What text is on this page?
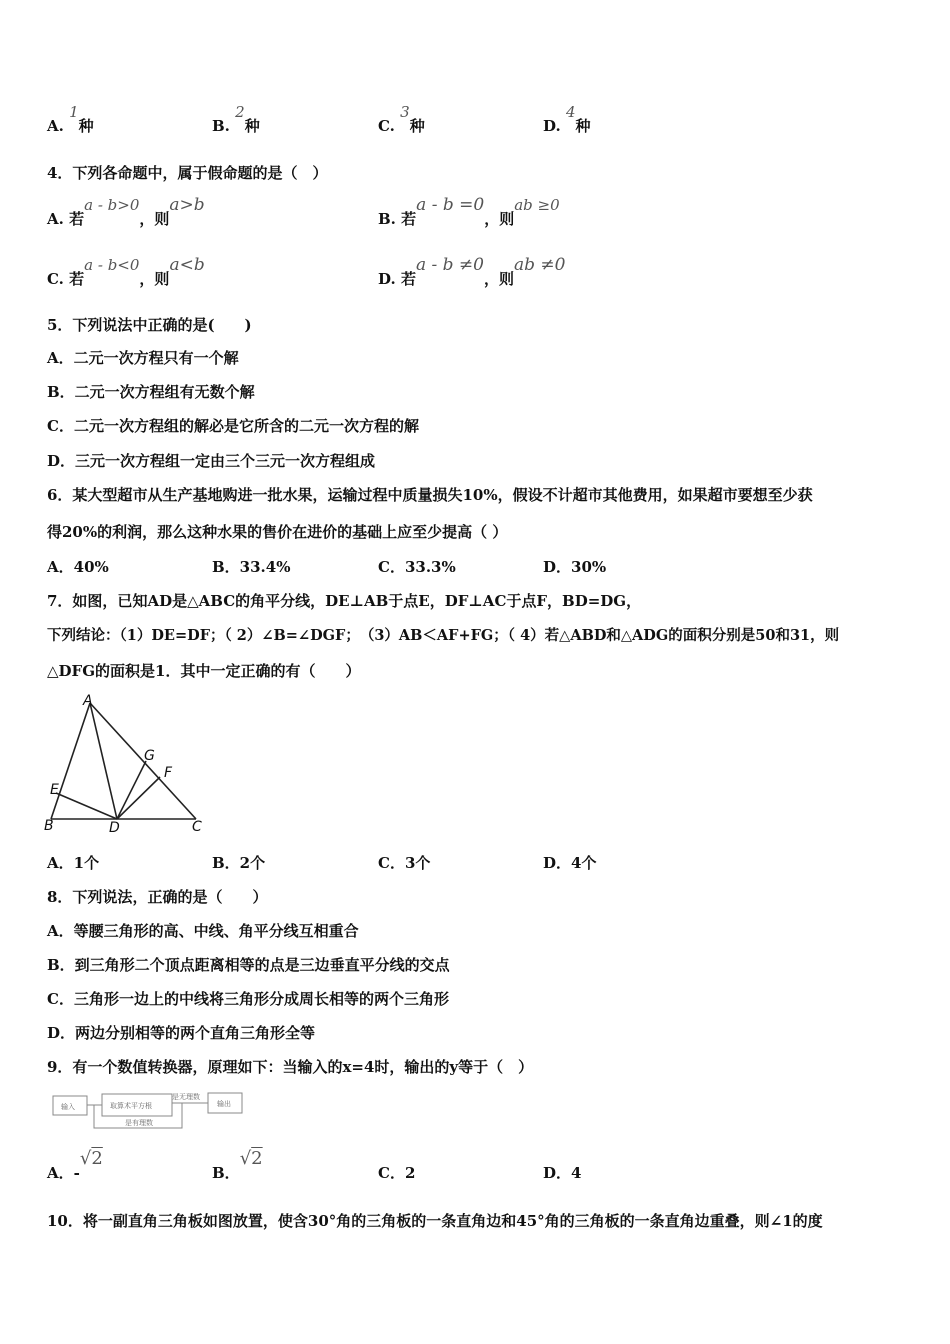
A. 1种	B. 2种	C. 3种	D. 4种
4．下列各命题中，属于假命题的是（　）
A. 若a - b>0，则a>b
B. 若a - b =0，则ab ≥0
C. 若a - b<0，则a<b
D. 若a - b ≠0，则ab ≠0
5．下列说法中正确的是(　　)
A．二元一次方程只有一个解
B．二元一次方程组有无数个解
C．二元一次方程组的解必是它所含的二元一次方程的解
D．三元一次方程组一定由三个三元一次方程组成
6．某大型超市从生产基地购进一批水果，运输过程中质量损失10%，假设不计超市其他费用，如果超市要想至少获
得20%的利润，那么这种水果的售价在进价的基础上应至少提高（ ）
A．40%	B．33.4%	C．33.3%	D．30%
7．如图，已知AD是△ABC的角平分线，DE⊥AB于点E，DF⊥AC于点F，BD=DG，
下列结论：（1）DE=DF；（ 2）∠B=∠DGF；　（3）AB＜AF+FG；（ 4）若△ABD和△ADG的面积分别是50和31，则
△DFG的面积是1．其中一定正确的有（　　）
A
B	C
D
E
F
G
A．1个	B．2个	C．3个	D．4个
8．下列说法，正确的是（　　）
A．等腰三角形的高、中线、角平分线互相重合
B．到三角形二个顶点距离相等的点是三边垂直平分线的交点
C．三角形一边上的中线将三角形分成周长相等的两个三角形
D．两边分别相等的两个直角三角形全等
9．有一个数值转换器，原理如下：当输入的x=4时，输出的y等于（　）
输入	取算术平方根
是无理数
输出
是有理数
A．-√2
B．√2
C．2	D．4
10．将一副直角三角板如图放置，使含30°角的三角板的一条直角边和45°角的三角板的一条直角边重叠，则∠1的度
